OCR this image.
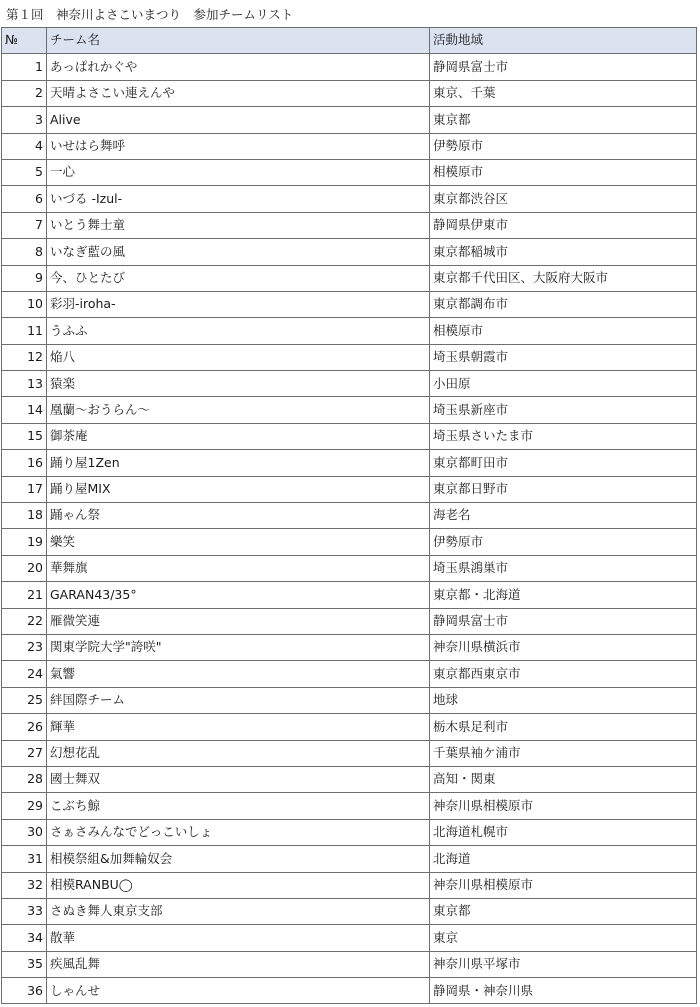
第１回　神奈川よさこいまつり　参加チームリスト
№	チーム名	活動地域
1	あっぱれかぐや	静岡県富士市
2	天晴よさこい連えんや	東京、千葉
3	Alive	東京都
4	いせはら舞呼	伊勢原市
5	一心	相模原市
6	いづる -Izul-	東京都渋谷区
7	いとう舞士童	静岡県伊東市
8	いなぎ藍の風	東京都稲城市
9	今、ひとたび	東京都千代田区、大阪府大阪市
10	彩羽-iroha-	東京都調布市
11	うふふ	相模原市
12	焔八	埼玉県朝霞市
13	猿楽	小田原
14	凰蘭～おうらん～	埼玉県新座市
15	御茶庵	埼玉県さいたま市
16	踊り屋1Zen	東京都町田市
17	踊り屋MIX	東京都日野市
18	踊ゃん祭	海老名
19	樂笑	伊勢原市
20	華舞旗	埼玉県鴻巣市
21	GARAN43/35°	東京都・北海道
22	雁微笑連	静岡県富士市
23	関東学院大学"誇咲"	神奈川県横浜市
24	氣響	東京都西東京市
25	絆国際チーム	地球
26	輝華	栃木県足利市
27	幻想花乱	千葉県袖ケ浦市
28	國士舞双	高知・関東
29	こぶち鯨	神奈川県相模原市
30	さぁさみんなでどっこいしょ	北海道札幌市
31	相模祭組&加舞輪奴会	北海道
32	相模RANBU◯	神奈川県相模原市
33	さぬき舞人東京支部	東京都
34	散華	東京
35	疾風乱舞	神奈川県平塚市
36	しゃんせ	静岡県・神奈川県
